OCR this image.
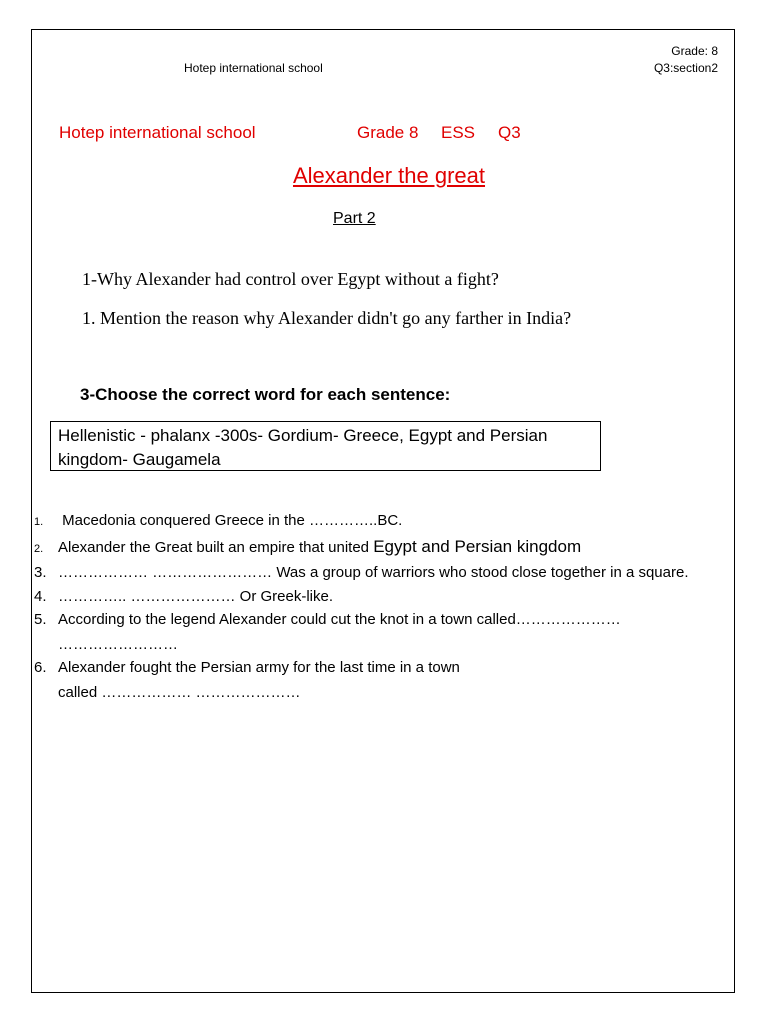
Hotep international school
Grade: 8
Q3:section2
Hotep international school	Grade 8 ESS Q3
Alexander the great
Part 2
1-Why Alexander had control over Egypt without a fight?
1. Mention the reason why Alexander didn't go any farther in India?
3-Choose the correct word for each sentence:
Hellenistic - phalanx -300s- Gordium- Greece, Egypt and Persian kingdom- Gaugamela
1. Macedonia conquered Greece in the …………..BC.
2. Alexander the Great built an empire that united Egypt and Persian kingdom
3. ……………… …………………… Was a group of warriors who stood close together in a square.
4. ………….. ………………… Or Greek-like.
5. According to the legend Alexander could cut the knot in a town called…………………
……………………
6. Alexander fought the Persian army for the last time in a town
called ……………… …………………
